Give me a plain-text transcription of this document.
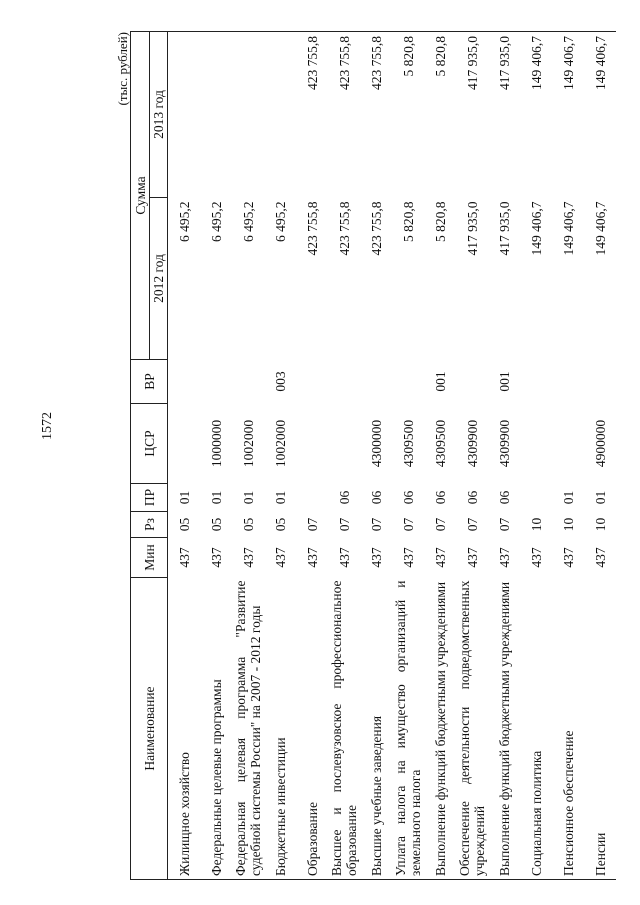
1572
(тыс. рублей)
Наименование	Мин	Рз	ПР	ЦСР	ВР	Сумма	
						2012 год	2013 год
Жилищное хозяйство	437	05	01			6 495,2	
Федеральные целевые программы	437	05	01	1000000		6 495,2	
Федеральная целевая программа "Развитие судебной системы России" на 2007 - 2012 годы	437	05	01	1002000		6 495,2	
Бюджетные инвестиции	437	05	01	1002000	003	6 495,2	
Образование	437	07				423 755,8	423 755,8
Высшее и послевузовское профессиональное образование	437	07	06			423 755,8	423 755,8
Высшие учебные заведения	437	07	06	4300000		423 755,8	423 755,8
Уплата налога на имущество организаций и земельного налога	437	07	06	4309500		5 820,8	5 820,8
Выполнение функций бюджетными учреждениями	437	07	06	4309500	001	5 820,8	5 820,8
Обеспечение деятельности подведомственных учреждений	437	07	06	4309900		417 935,0	417 935,0
Выполнение функций бюджетными учреждениями	437	07	06	4309900	001	417 935,0	417 935,0
Социальная политика	437	10				149 406,7	149 406,7
Пенсионное обеспечение	437	10	01			149 406,7	149 406,7
Пенсии	437	10	01	4900000		149 406,7	149 406,7
